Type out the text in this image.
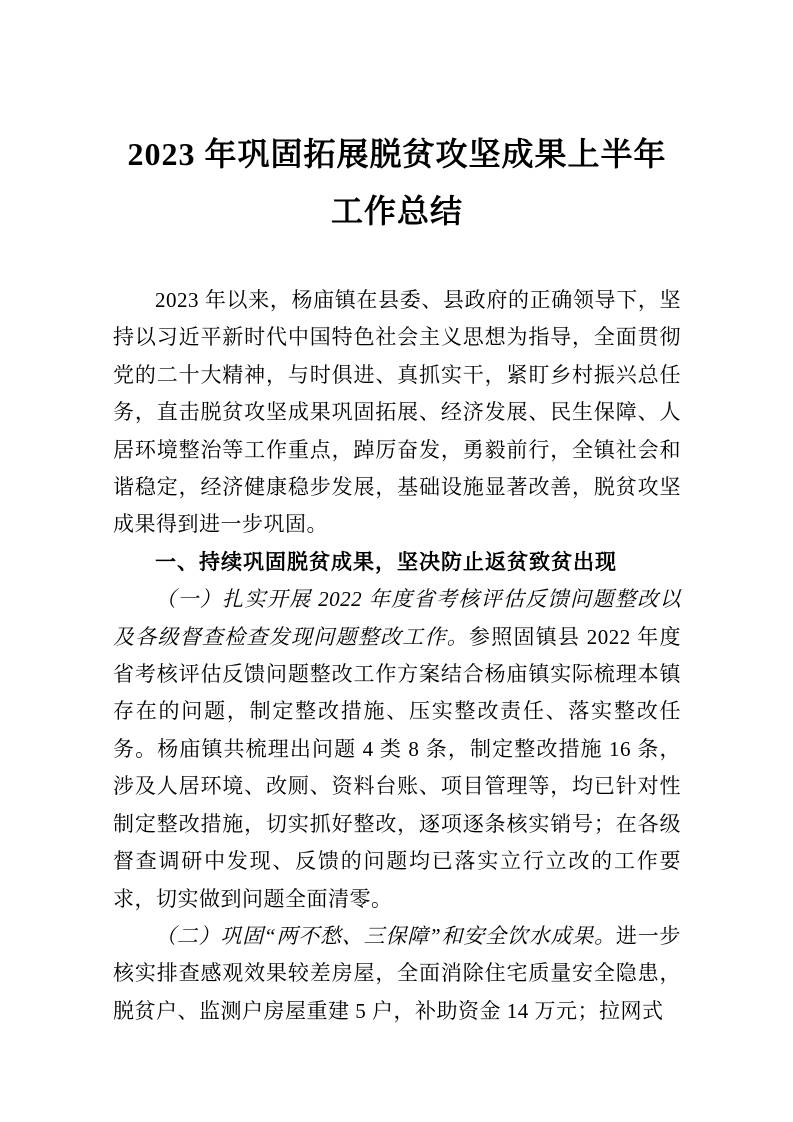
2023 年巩固拓展脱贫攻坚成果上半年工作总结

2023 年以来，杨庙镇在县委、县政府的正确领导下，坚持以习近平新时代中国特色社会主义思想为指导，全面贯彻党的二十大精神，与时俱进、真抓实干，紧盯乡村振兴总任务，直击脱贫攻坚成果巩固拓展、经济发展、民生保障、人居环境整治等工作重点，踔厉奋发，勇毅前行，全镇社会和谐稳定，经济健康稳步发展，基础设施显著改善，脱贫攻坚成果得到进一步巩固。

一、持续巩固脱贫成果，坚决防止返贫致贫出现

（一）扎实开展 2022 年度省考核评估反馈问题整改以及各级督查检查发现问题整改工作。参照固镇县 2022 年度省考核评估反馈问题整改工作方案结合杨庙镇实际梳理本镇存在的问题，制定整改措施、压实整改责任、落实整改任务。杨庙镇共梳理出问题 4 类 8 条，制定整改措施 16 条，涉及人居环境、改厕、资料台账、项目管理等，均已针对性制定整改措施，切实抓好整改，逐项逐条核实销号；在各级督查调研中发现、反馈的问题均已落实立行立改的工作要求，切实做到问题全面清零。

（二）巩固“两不愁、三保障”和安全饮水成果。进一步核实排查感观效果较差房屋，全面消除住宅质量安全隐患，脱贫户、监测户房屋重建 5 户，补助资金 14 万元；拉网式
